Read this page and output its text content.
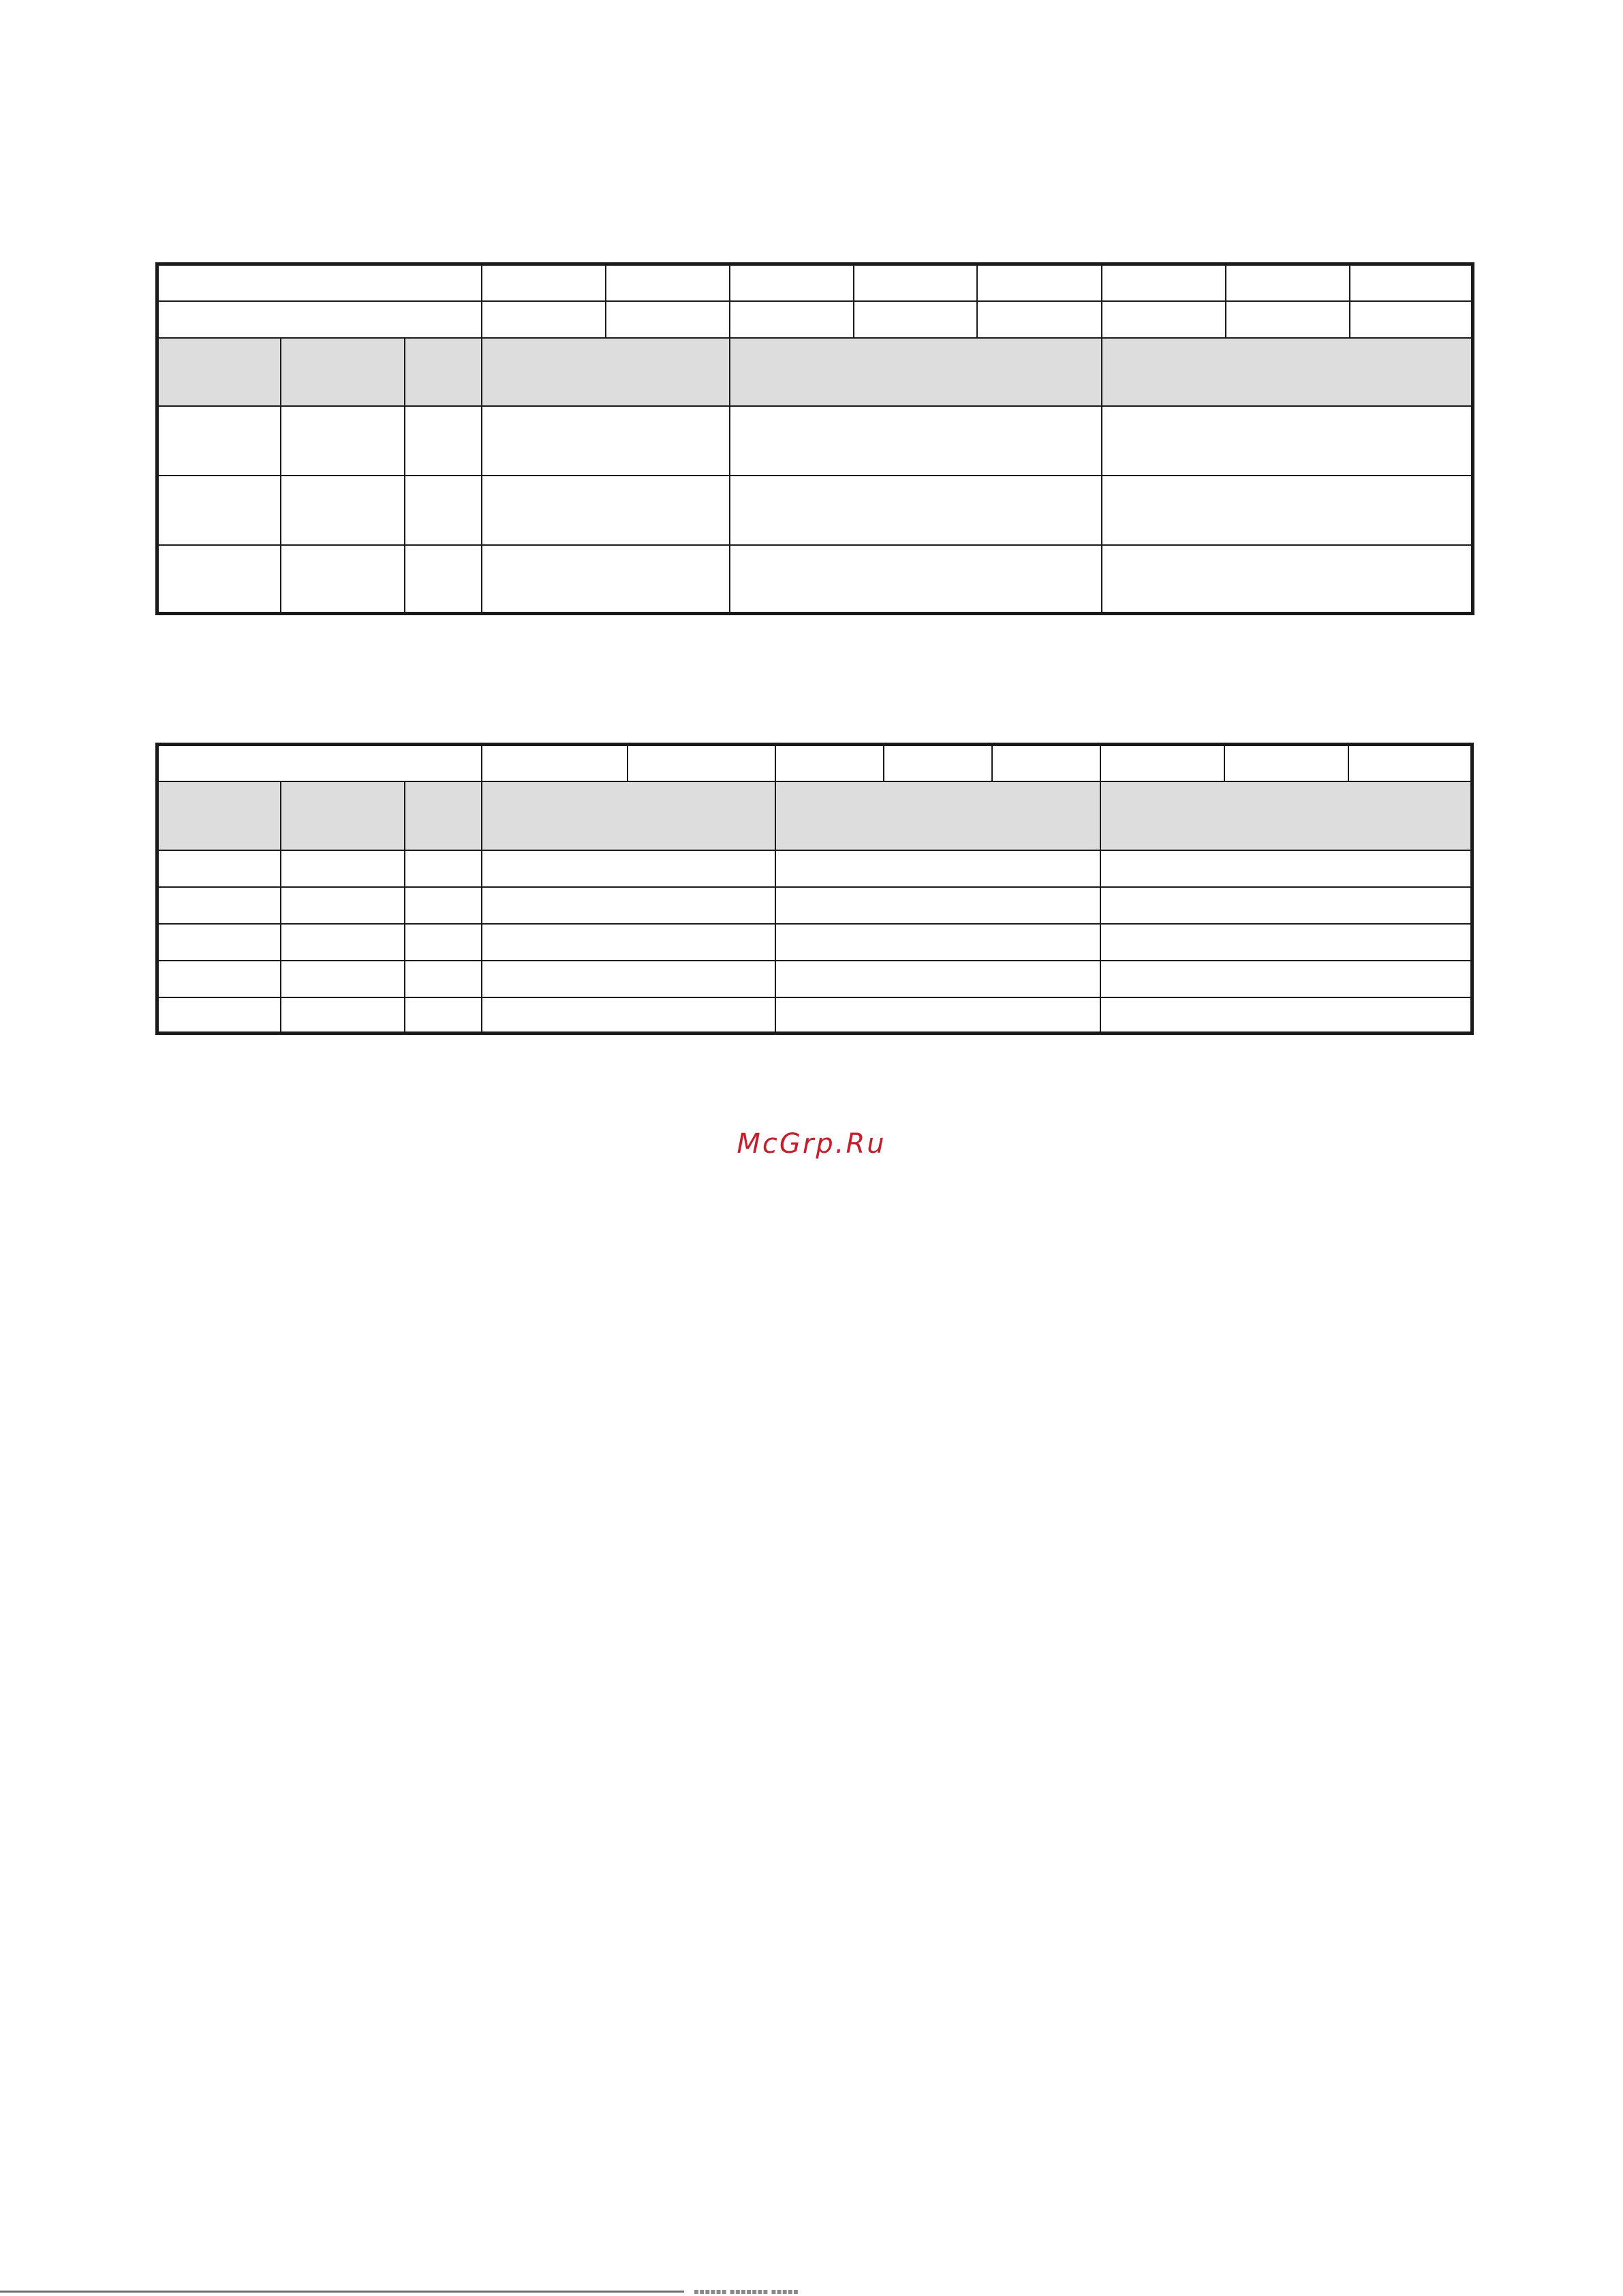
McGrp.Ru
▪▪▪▪▪▪ ▪▪▪▪▪▪▪ ▪▪▪▪▪
